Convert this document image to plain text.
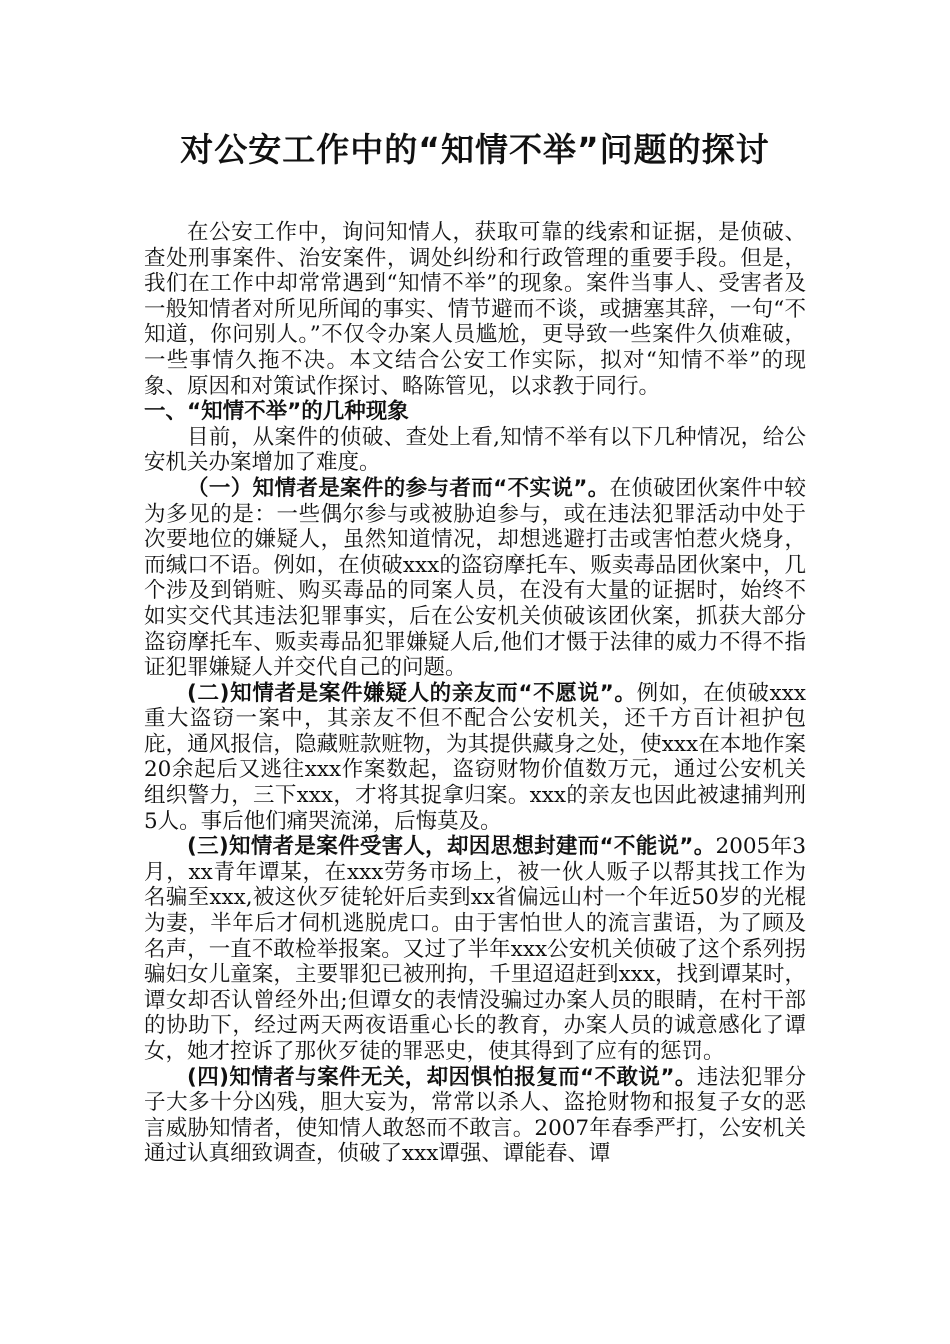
对公安工作中的“知情不举”问题的探讨

在公安工作中，询问知情人，获取可靠的线索和证据，是侦破、查处刑事案件、治安案件，调处纠纷和行政管理的重要手段。但是，我们在工作中却常常遇到“知情不举”的现象。案件当事人、受害者及一般知情者对所见所闻的事实、情节避而不谈，或搪塞其辞，一句“不知道，你问别人。”不仅令办案人员尴尬，更导致一些案件久侦难破，一些事情久拖不决。本文结合公安工作实际，拟对“知情不举”的现象、原因和对策试作探讨、略陈管见，以求教于同行。

一、“知情不举”的几种现象

目前，从案件的侦破、查处上看,知情不举有以下几种情况，给公安机关办案增加了难度。

（一）知情者是案件的参与者而“不实说”。在侦破团伙案件中较为多见的是：一些偶尔参与或被胁迫参与，或在违法犯罪活动中处于次要地位的嫌疑人，虽然知道情况，却想逃避打击或害怕惹火烧身，而缄口不语。例如，在侦破xxx的盗窃摩托车、贩卖毒品团伙案中，几个涉及到销赃、购买毒品的同案人员，在没有大量的证据时，始终不如实交代其违法犯罪事实，后在公安机关侦破该团伙案，抓获大部分盗窃摩托车、贩卖毒品犯罪嫌疑人后,他们才慑于法律的威力不得不指证犯罪嫌疑人并交代自己的问题。

(二)知情者是案件嫌疑人的亲友而“不愿说”。例如，在侦破xxx重大盗窃一案中，其亲友不但不配合公安机关，还千方百计袒护包庇，通风报信，隐藏赃款赃物，为其提供藏身之处，使xxx在本地作案20余起后又逃往xxx作案数起，盗窃财物价值数万元，通过公安机关组织警力，三下xxx，才将其捉拿归案。xxx的亲友也因此被逮捕判刑5人。事后他们痛哭流涕，后悔莫及。

(三)知情者是案件受害人，却因思想封建而“不能说”。2005年3月，xx青年谭某，在xxx劳务市场上，被一伙人贩子以帮其找工作为名骗至xxx,被这伙歹徒轮奸后卖到xx省偏远山村一个年近50岁的光棍为妻，半年后才伺机逃脱虎口。由于害怕世人的流言蜚语，为了顾及名声，一直不敢检举报案。又过了半年xxx公安机关侦破了这个系列拐骗妇女儿童案，主要罪犯已被刑拘，千里迢迢赶到xxx，找到谭某时，谭女却否认曾经外出;但谭女的表情没骗过办案人员的眼睛，在村干部的协助下，经过两天两夜语重心长的教育，办案人员的诚意感化了谭女，她才控诉了那伙歹徒的罪恶史，使其得到了应有的惩罚。

(四)知情者与案件无关，却因惧怕报复而“不敢说”。违法犯罪分子大多十分凶残，胆大妄为，常常以杀人、盗抢财物和报复子女的恶言威胁知情者，使知情人敢怒而不敢言。2007年春季严打，公安机关通过认真细致调查，侦破了xxx谭强、谭能春、谭
